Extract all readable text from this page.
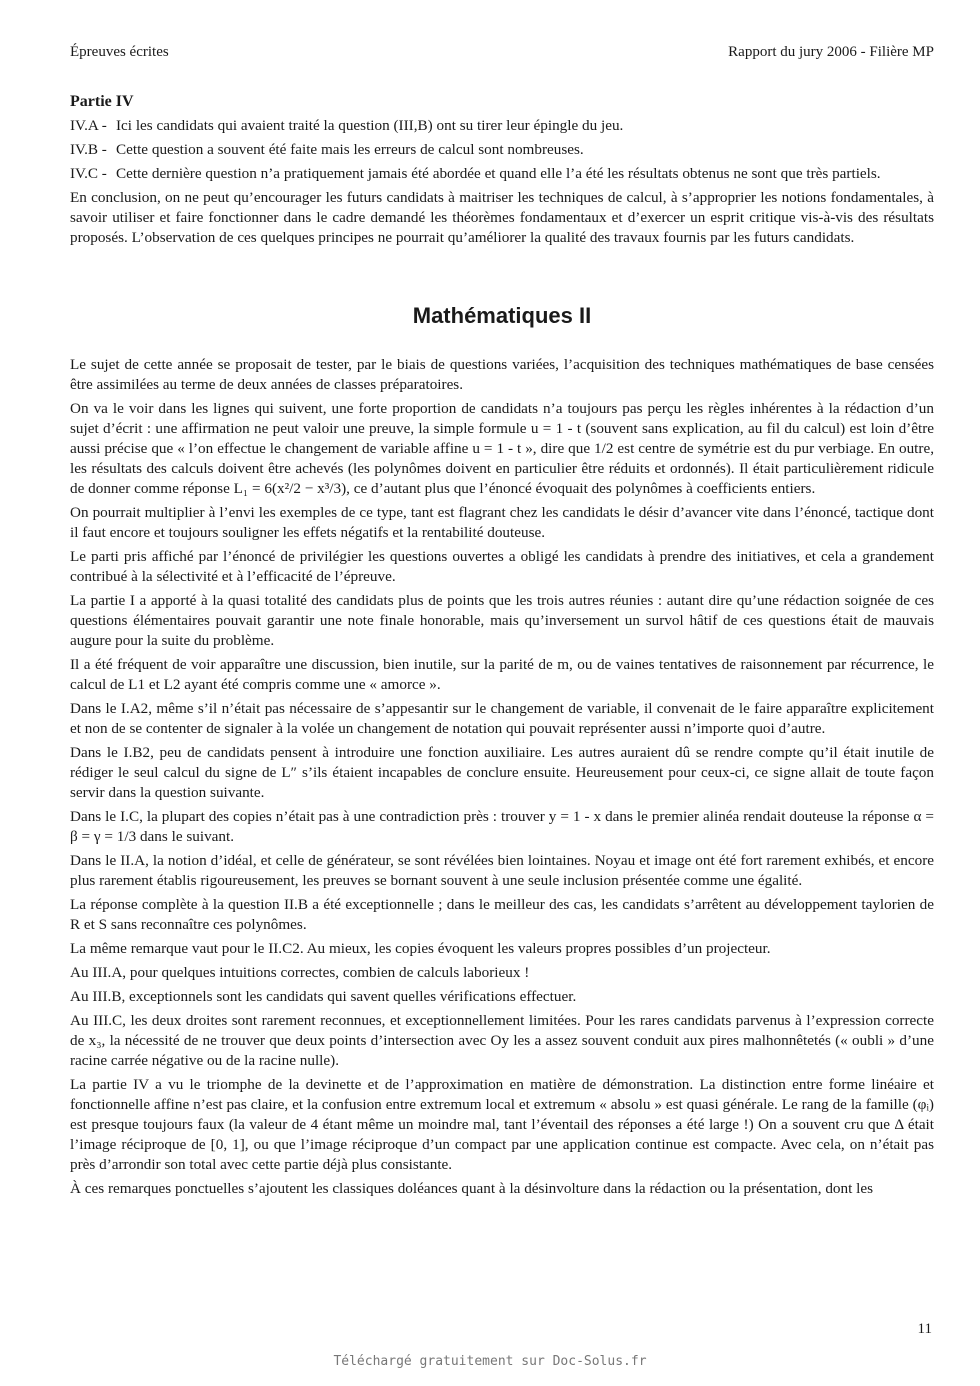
Épreuves écrites	Rapport du jury 2006 - Filière MP
Partie IV
IV.A - Ici les candidats qui avaient traité la question (III,B) ont su tirer leur épingle du jeu.
IV.B - Cette question a souvent été faite mais les erreurs de calcul sont nombreuses.
IV.C - Cette dernière question n’a pratiquement jamais été abordée et quand elle l’a été les résultats obtenus ne sont que très partiels.

En conclusion, on ne peut qu’encourager les futurs candidats à maitriser les techniques de calcul, à s’approprier les notions fondamentales, à savoir utiliser et faire fonctionner dans le cadre demandé les théorèmes fondamentaux et d’exercer un esprit critique vis-à-vis des résultats proposés. L’observation de ces quelques principes ne pourrait qu’améliorer la qualité des travaux fournis par les futurs candidats.

Mathématiques II

Le sujet de cette année se proposait de tester, par le biais de questions variées, l’acquisition des techniques mathématiques de base censées être assimilées au terme de deux années de classes préparatoires.

On va le voir dans les lignes qui suivent, une forte proportion de candidats n’a toujours pas perçu les règles inhérentes à la rédaction d’un sujet d’écrit : une affirmation ne peut valoir une preuve, la simple formule u = 1 - t (souvent sans explication, au fil du calcul) est loin d’être aussi précise que « l’on effectue le changement de variable affine u = 1 - t », dire que 1/2 est centre de symétrie est du pur verbiage. En outre, les résultats des calculs doivent être achevés (les polynômes doivent en particulier être réduits et ordonnés). Il était particulièrement ridicule de donner comme réponse L₁ = 6(x²/2 − x³/3), ce d’autant plus que l’énoncé évoquait des polynômes à coefficients entiers.

On pourrait multiplier à l’envi les exemples de ce type, tant est flagrant chez les candidats le désir d’avancer vite dans l’énoncé, tactique dont il faut encore et toujours souligner les effets négatifs et la rentabilité douteuse.

Le parti pris affiché par l’énoncé de privilégier les questions ouvertes a obligé les candidats à prendre des initiatives, et cela a grandement contribué à la sélectivité et à l’efficacité de l’épreuve.

La partie I a apporté à la quasi totalité des candidats plus de points que les trois autres réunies : autant dire qu’une rédaction soignée de ces questions élémentaires pouvait garantir une note finale honorable, mais qu’inversement un survol hâtif de ces questions était de mauvais augure pour la suite du problème.

Il a été fréquent de voir apparaître une discussion, bien inutile, sur la parité de m, ou de vaines tentatives de raisonnement par récurrence, le calcul de L1 et L2 ayant été compris comme une « amorce ».

Dans le I.A2, même s’il n’était pas nécessaire de s’appesantir sur le changement de variable, il convenait de le faire apparaître explicitement et non de se contenter de signaler à la volée un changement de notation qui pouvait représenter aussi n’importe quoi d’autre.

Dans le I.B2, peu de candidats pensent à introduire une fonction auxiliaire. Les autres auraient dû se rendre compte qu’il était inutile de rédiger le seul calcul du signe de L″ s’ils étaient incapables de conclure ensuite. Heureusement pour ceux-ci, ce signe allait de toute façon servir dans la question suivante.

Dans le I.C, la plupart des copies n’était pas à une contradiction près : trouver y = 1 - x dans le premier alinéa rendait douteuse la réponse α = β = γ = 1/3 dans le suivant.

Dans le II.A, la notion d’idéal, et celle de générateur, se sont révélées bien lointaines. Noyau et image ont été fort rarement exhibés, et encore plus rarement établis rigoureusement, les preuves se bornant souvent à une seule inclusion présentée comme une égalité.

La réponse complète à la question II.B a été exceptionnelle ; dans le meilleur des cas, les candidats s’arrêtent au développement taylorien de R et S sans reconnaître ces polynômes.

La même remarque vaut pour le II.C2. Au mieux, les copies évoquent les valeurs propres possibles d’un projecteur.

Au III.A, pour quelques intuitions correctes, combien de calculs laborieux !

Au III.B, exceptionnels sont les candidats qui savent quelles vérifications effectuer.

Au III.C, les deux droites sont rarement reconnues, et exceptionnellement limitées. Pour les rares candidats parvenus à l’expression correcte de x₃, la nécessité de ne trouver que deux points d’intersection avec Oy les a assez souvent conduit aux pires malhonnêtetés (« oubli » d’une racine carrée négative ou de la racine nulle).

La partie IV a vu le triomphe de la devinette et de l’approximation en matière de démonstration. La distinction entre forme linéaire et fonctionnelle affine n’est pas claire, et la confusion entre extremum local et extremum « absolu » est quasi générale. Le rang de la famille (φᵢ) est presque toujours faux (la valeur de 4 étant même un moindre mal, tant l’éventail des réponses a été large !) On a souvent cru que Δ était l’image réciproque de [0, 1], ou que l’image réciproque d’un compact par une application continue est compacte. Avec cela, on n’était pas près d’arrondir son total avec cette partie déjà plus consistante.

À ces remarques ponctuelles s’ajoutent les classiques doléances quant à la désinvolture dans la rédaction ou la présentation, dont les

11
Téléchargé gratuitement sur Doc-Solus.fr
